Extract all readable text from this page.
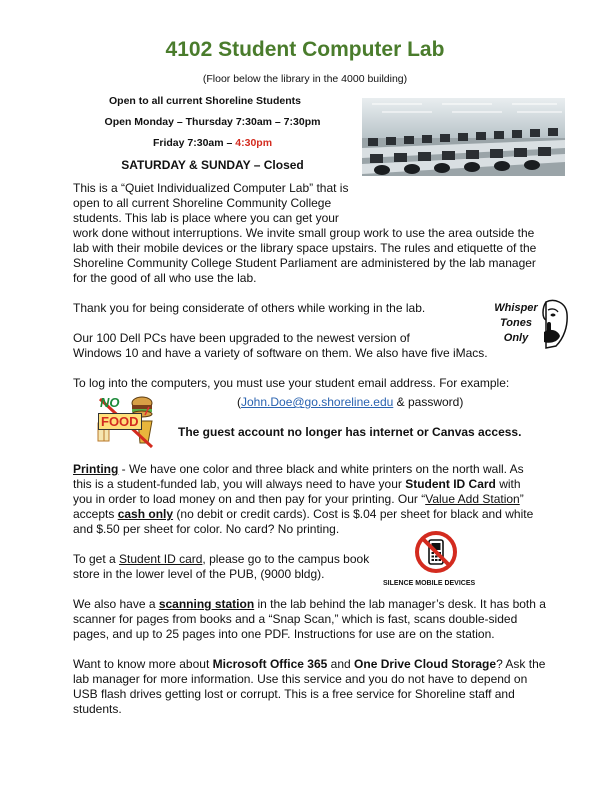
4102 Student Computer Lab
(Floor below the library in the 4000 building)
Open to all current Shoreline Students
Open Monday – Thursday 7:30am – 7:30pm
Friday 7:30am – 4:30pm
SATURDAY & SUNDAY – Closed
This is a “Quiet Individualized Computer Lab” that is
open to all current Shoreline Community College
students. This lab is place where you can get your
work done without interruptions. We invite small group work to use the area outside the
lab with their mobile devices or the library space upstairs. The rules and etiquette of the
Shoreline Community College Student Parliament are administered by the lab manager
for the good of all who use the lab.
Thank you for being considerate of others while working in the lab.	Whisper
Tones
Only
Our 100 Dell PCs have been upgraded to the newest version of
Windows 10 and have a variety of software on them. We also have five iMacs.
To log into the computers, you must use your student email address. For example:
(John.Doe@go.shoreline.edu & password)
The guest account no longer has internet or Canvas access.
NO
FOOD
Printing - We have one color and three black and white printers on the north wall. As
this is a student-funded lab, you will always need to have your Student ID Card with
you in order to load money on and then pay for your printing. Our “Value Add Station”
accepts cash only (no debit or credit cards). Cost is $.04 per sheet for black and white
and $.50 per sheet for color. No card? No printing.
To get a Student ID card, please go to the campus book
store in the lower level of the PUB, (9000 bldg).
SILENCE MOBILE DEVICES
We also have a scanning station in the lab behind the lab manager’s desk. It has both a
scanner for pages from books and a “Snap Scan,” which is fast, scans double-sided
pages, and up to 25 pages into one PDF. Instructions for use are on the station.
Want to know more about Microsoft Office 365 and One Drive Cloud Storage? Ask the
lab manager for more information. Use this service and you do not have to depend on
USB flash drives getting lost or corrupt. This is a free service for Shoreline staff and
students.
